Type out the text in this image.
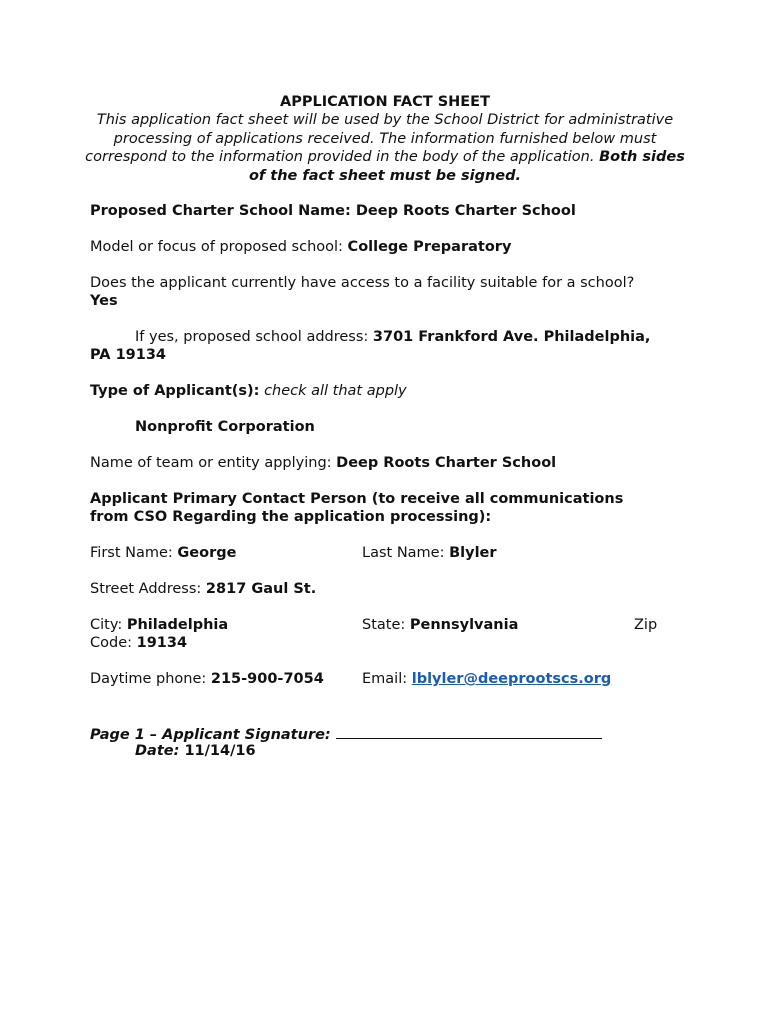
APPLICATION FACT SHEET
This application fact sheet will be used by the School District for administrative processing of applications received. The information furnished below must correspond to the information provided in the body of the application. Both sides of the fact sheet must be signed.
Proposed Charter School Name: Deep Roots Charter School
Model or focus of proposed school: College Preparatory
Does the applicant currently have access to a facility suitable for a school?
Yes
If yes, proposed school address: 3701 Frankford Ave. Philadelphia,
PA 19134
Type of Applicant(s): check all that apply
Nonprofit Corporation
Name of team or entity applying: Deep Roots Charter School
Applicant Primary Contact Person (to receive all communications
from CSO Regarding the application processing):
First Name: George	Last Name: Blyler
Street Address: 2817 Gaul St.
City: Philadelphia	State: Pennsylvania	Zip
Code: 19134
Daytime phone: 215-900-7054	Email: lblyler@deeprootscs.org
Page 1 – Applicant Signature:
Date: 11/14/16
